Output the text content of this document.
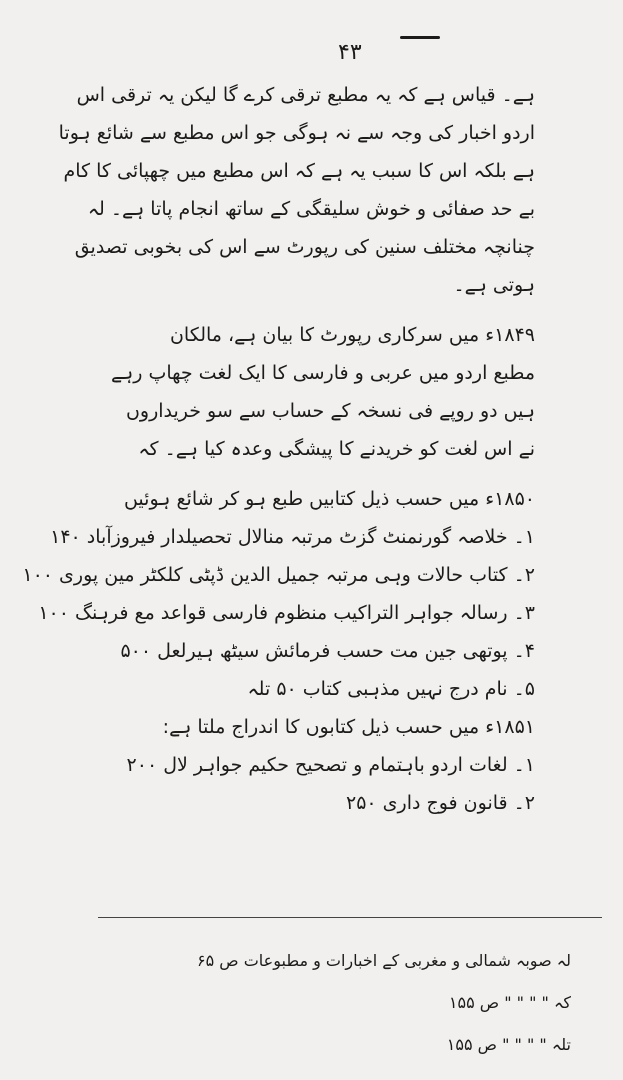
۴۳
ہے۔ قیاس ہے کہ یہ مطبع ترقی کرے گا لیکن یہ ترقی اس
اردو اخبار کی وجہ سے نہ ہوگی جو اس مطبع سے شائع ہوتا
ہے بلکہ اس کا سبب یہ ہے کہ اس مطبع میں چھپائی کا کام
بے حد صفائی و خوش سلیقگی کے ساتھ انجام پاتا ہے۔ لہ
چنانچہ مختلف سنین کی رپورٹ سے اس کی بخوبی تصدیق
ہوتی ہے۔
۱۸۴۹ء میں سرکاری رپورٹ کا بیان ہے، مالکان
مطبع اردو میں عربی و فارسی کا ایک لغت چھاپ رہے
ہیں دو روپے فی نسخہ کے حساب سے سو خریداروں
نے اس لغت کو خریدنے کا پیشگی وعدہ کیا ہے۔ کہ
۱۸۵۰ء میں حسب ذیل کتابیں طبع ہو کر شائع ہوئیں
۱۔ خلاصہ گورنمنٹ گزٹ مرتبہ منالال تحصیلدار فیروزآباد ۱۴۰
۲۔ کتاب حالات وہی مرتبہ جمیل الدین ڈپٹی کلکٹر مین پوری ۱۰۰
۳۔ رسالہ جواہر التراکیب منظوم فارسی قواعد مع فرہنگ ۱۰۰
۴۔ پوتھی جین مت حسب فرمائش سیٹھ ہیرلعل ۵۰۰
۵۔ نام درج نہیں مذہبی کتاب ۵۰ تلہ
۱۸۵۱ء میں حسب ذیل کتابوں کا اندراج ملتا ہے:
۱۔ لغات اردو باہتمام و تصحیح حکیم جواہر لال ۲۰۰
۲۔ قانون فوج داری ۲۵۰
لہ صوبہ شمالی و مغربی کے اخبارات و مطبوعات ص ۶۵
کہ " " " " ص ۱۵۵
تلہ " " " " ص ۱۵۵
